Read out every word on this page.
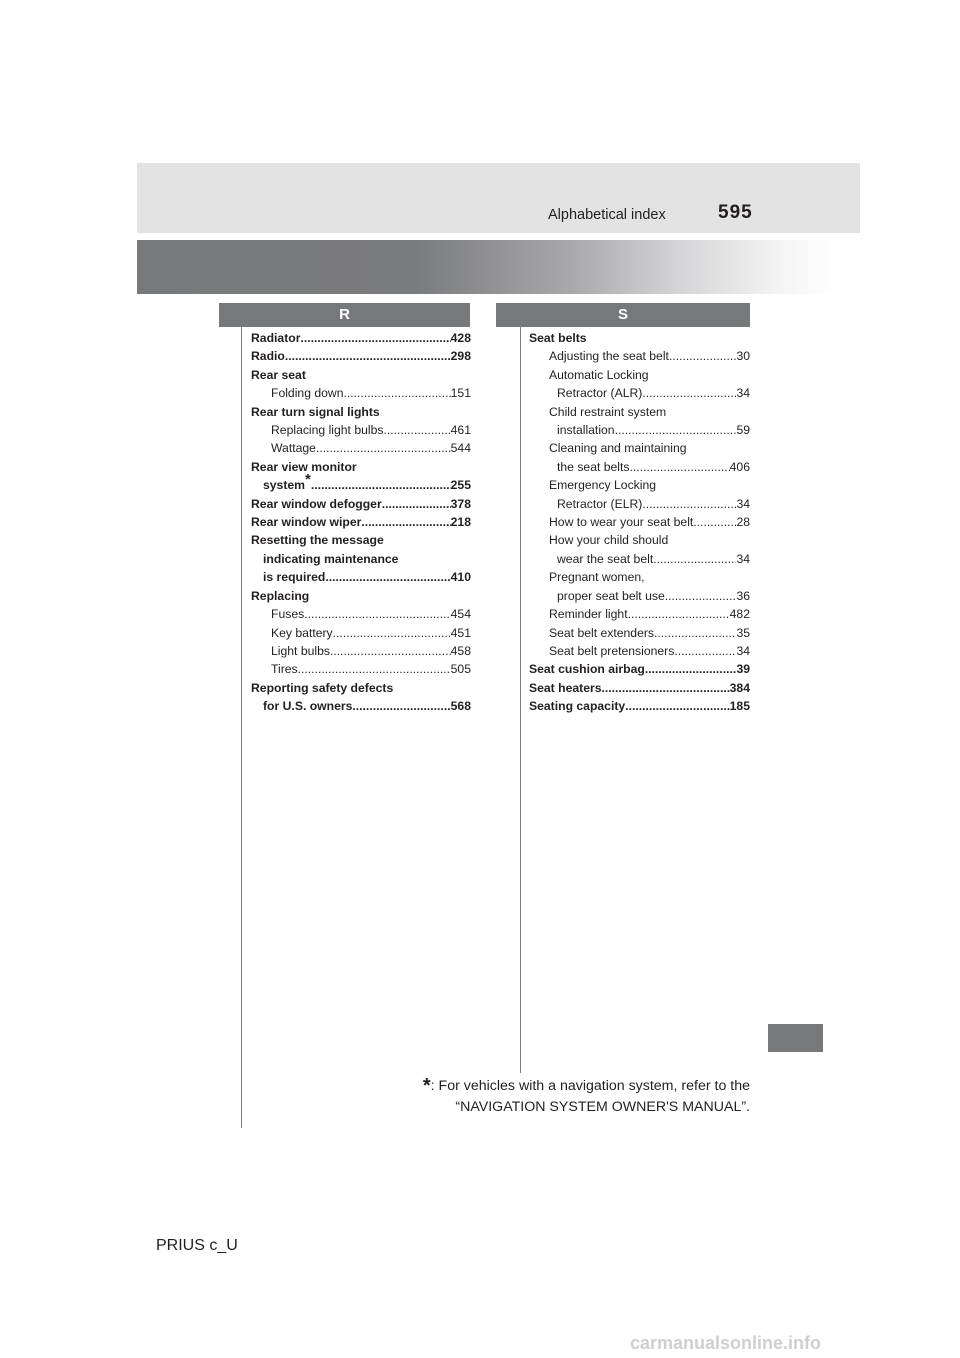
Alphabetical index	595
R	S
Radiator .....	428
Radio .....	298
Rear seat
Folding down .....	151
Rear turn signal lights
Replacing light bulbs .....	461
Wattage .....	544
Rear view monitor
system* .....	255
Rear window defogger .....	378
Rear window wiper .....	218
Resetting the message
indicating maintenance
is required .....	410
Replacing
Fuses .....	454
Key battery .....	451
Light bulbs .....	458
Tires .....	505
Reporting safety defects
for U.S. owners .....	568
Seat belts
Adjusting the seat belt .....	30
Automatic Locking
Retractor (ALR) .....	34
Child restraint system
installation .....	59
Cleaning and maintaining
the seat belts .....	406
Emergency Locking
Retractor (ELR) .....	34
How to wear your seat belt .....	28
How your child should
wear the seat belt .....	34
Pregnant women,
proper seat belt use .....	36
Reminder light .....	482
Seat belt extenders .....	35
Seat belt pretensioners .....	34
Seat cushion airbag .....	39
Seat heaters .....	384
Seating capacity .....	185
*: For vehicles with a navigation system, refer to the
“NAVIGATION SYSTEM OWNER'S MANUAL”.
PRIUS c_U
carmanualsonline.info
